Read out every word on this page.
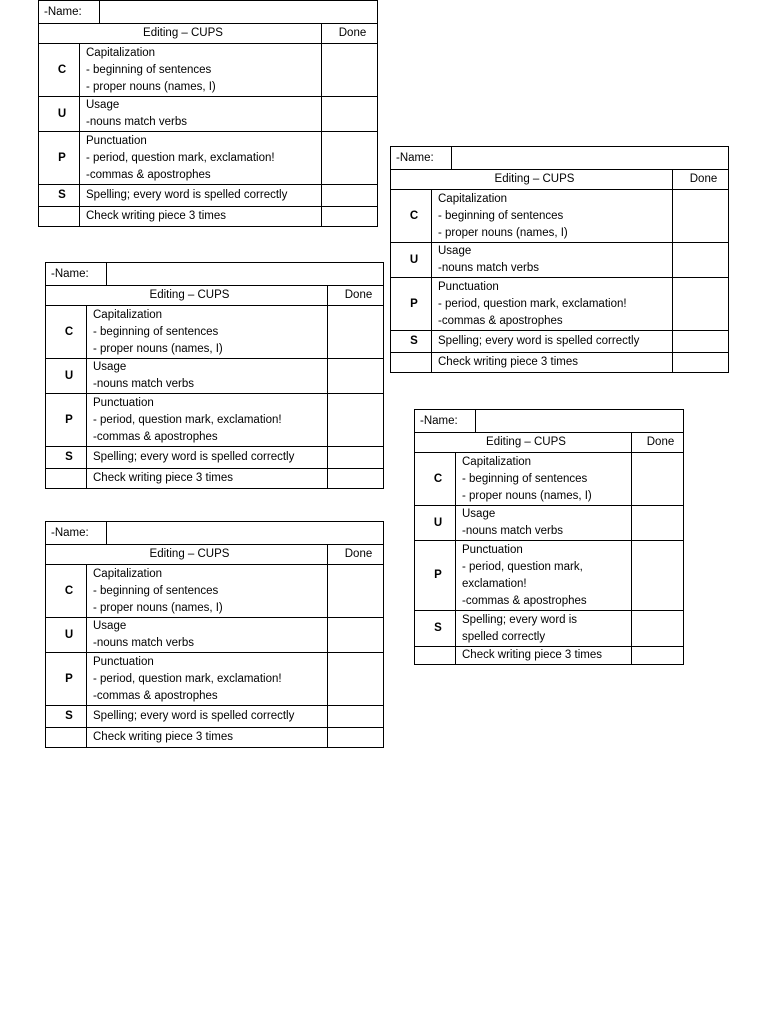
-Name:	
Editing – CUPS		Done
C	Capitalization
- beginning of sentences
- proper nouns (names, I)	

U	Usage
-nouns match verbs	

P	Punctuation
- period, question mark, exclamation!
-commas & apostrophes	

S	Spelling; every word is spelled correctly	

	Check writing piece 3 times	
-Name:	
Editing – CUPS		Done
C	Capitalization
- beginning of sentences
- proper nouns (names, I)	

U	Usage
-nouns match verbs	

P	Punctuation
- period, question mark, exclamation!
-commas & apostrophes	

S	Spelling; every word is spelled correctly	

	Check writing piece 3 times	
-Name:	
Editing – CUPS		Done
C	Capitalization
- beginning of sentences
- proper nouns (names, I)	

U	Usage
-nouns match verbs	

P	Punctuation
- period, question mark, exclamation!
-commas & apostrophes	

S	Spelling; every word is spelled correctly	

	Check writing piece 3 times	
-Name:	
Editing – CUPS		Done
C	Capitalization
- beginning of sentences
- proper nouns (names, I)	

U	Usage
-nouns match verbs	

P	Punctuation
- period, question mark, exclamation!
-commas & apostrophes	

S	Spelling; every word is spelled correctly	

	Check writing piece 3 times	
-Name:	
Editing – CUPS		Done
C	Capitalization
- beginning of sentences
- proper nouns (names, I)	

U	Usage
-nouns match verbs	

P	Punctuation
- period, question mark,
exclamation!
-commas & apostrophes	

S	Spelling; every word is
spelled correctly	

	Check writing piece 3 times	
